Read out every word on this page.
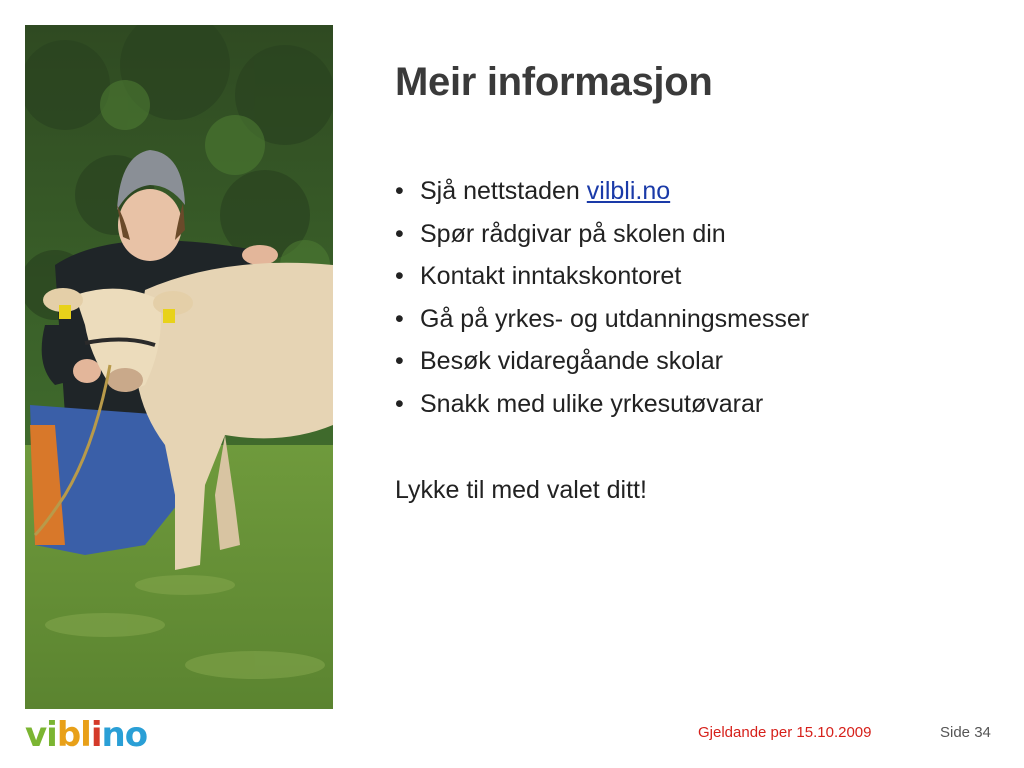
Meir informasjon
• Sjå nettstaden vilbli.no
• Spør rådgivar på skolen din
• Kontakt inntakskontoret
• Gå på yrkes- og utdanningsmesser
• Besøk vidaregåande skolar
• Snakk med ulike yrkesutøvarar

Lykke til med valet ditt!

v i b l i n o	Gjeldande per 15.10.2009	Side 34
